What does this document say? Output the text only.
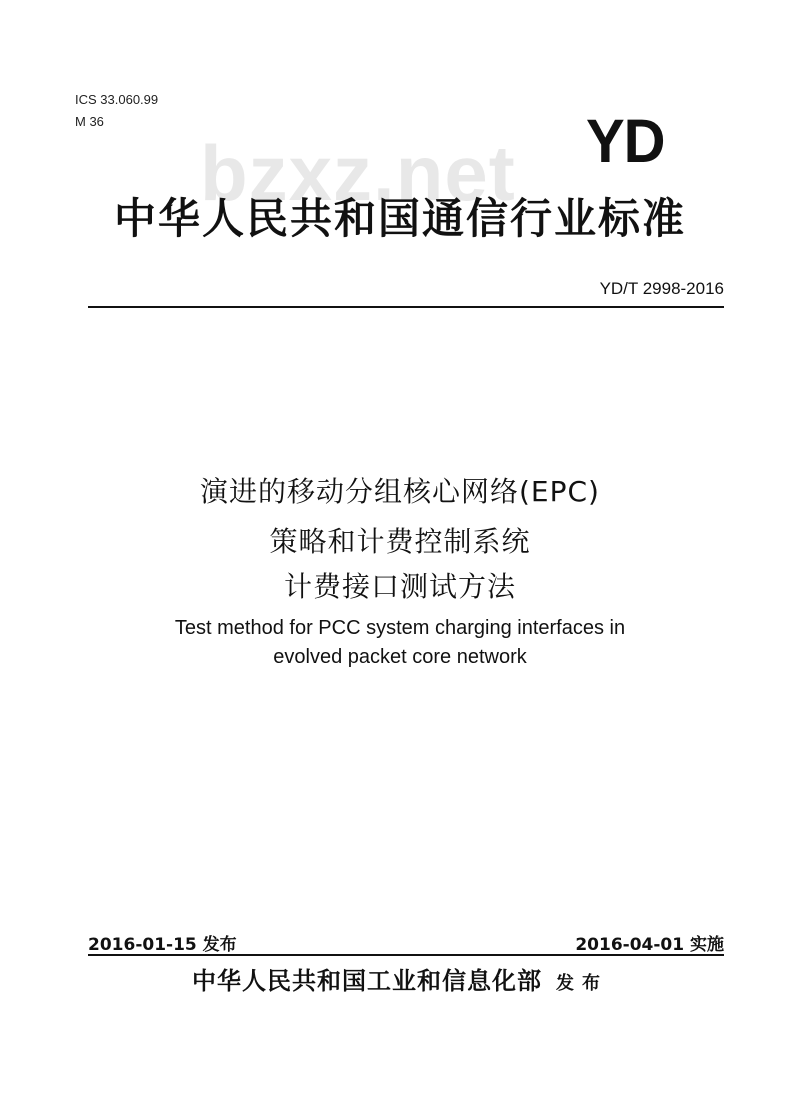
ICS 33.060.99
M 36
bzxz.net YD
中华人民共和国通信行业标准
YD/T 2998-2016
演进的移动分组核心网络(EPC)
策略和计费控制系统
计费接口测试方法
Test method for PCC system charging interfaces in
evolved packet core network
2016-01-15 发布	2016-04-01 实施
中华人民共和国工业和信息化部 发布
